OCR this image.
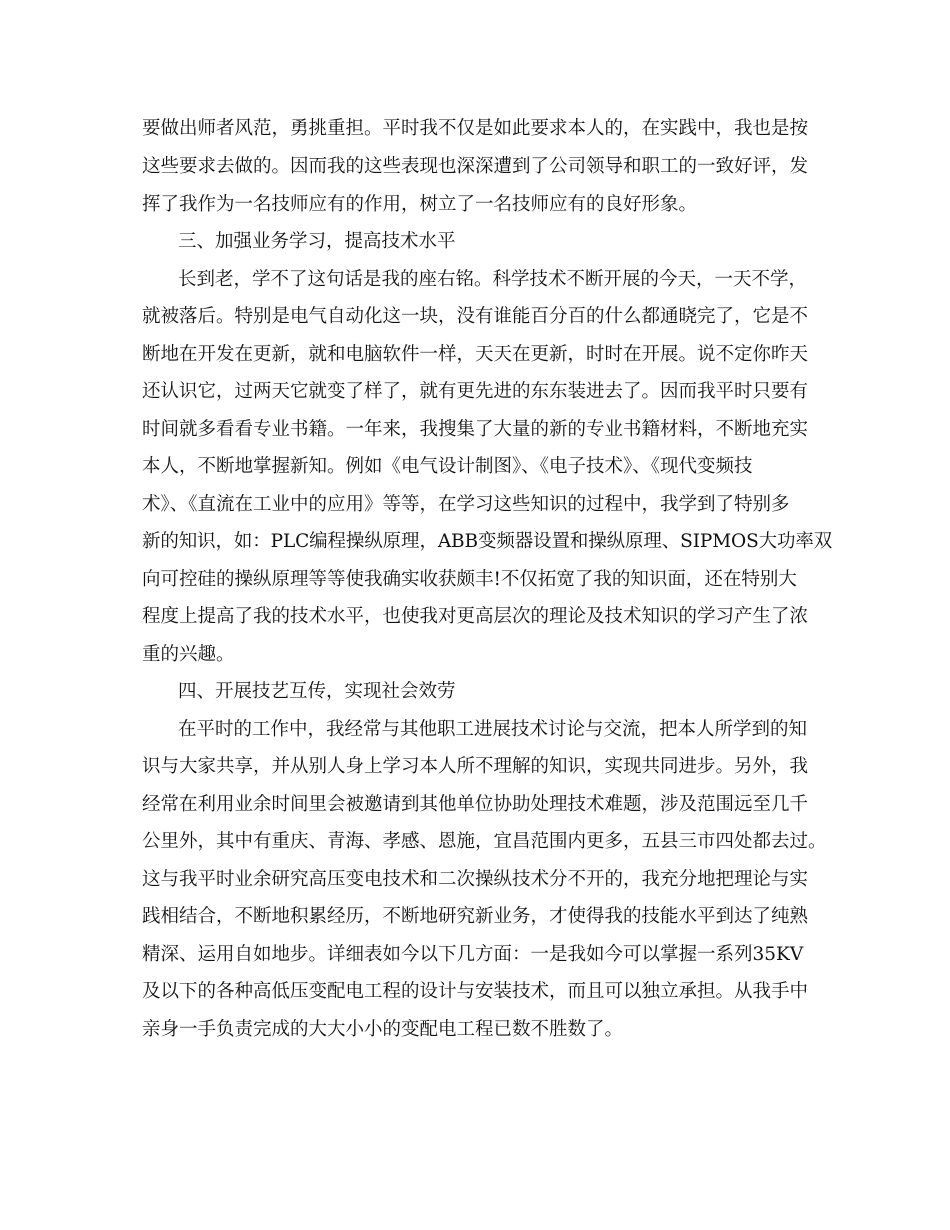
要做出师者风范，勇挑重担。平时我不仅是如此要求本人的，在实践中，我也是按
这些要求去做的。因而我的这些表现也深深遭到了公司领导和职工的一致好评，发
挥了我作为一名技师应有的作用，树立了一名技师应有的良好形象。
三、加强业务学习，提高技术水平
长到老，学不了这句话是我的座右铭。科学技术不断开展的今天，一天不学，
就被落后。特别是电气自动化这一块，没有谁能百分百的什么都通晓完了，它是不
断地在开发在更新，就和电脑软件一样，天天在更新，时时在开展。说不定你昨天
还认识它，过两天它就变了样了，就有更先进的东东装进去了。因而我平时只要有
时间就多看看专业书籍。一年来，我搜集了大量的新的专业书籍材料，不断地充实
本人，不断地掌握新知。例如《电气设计制图》、《电子技术》、《现代变频技
术》、《直流在工业中的应用》等等，在学习这些知识的过程中，我学到了特别多
新的知识，如：PLC编程操纵原理，ABB变频器设置和操纵原理、SIPMOS大功率双
向可控硅的操纵原理等等使我确实收获颇丰!不仅拓宽了我的知识面，还在特别大
程度上提高了我的技术水平，也使我对更高层次的理论及技术知识的学习产生了浓
重的兴趣。
四、开展技艺互传，实现社会效劳
在平时的工作中，我经常与其他职工进展技术讨论与交流，把本人所学到的知
识与大家共享，并从别人身上学习本人所不理解的知识，实现共同进步。另外，我
经常在利用业余时间里会被邀请到其他单位协助处理技术难题，涉及范围远至几千
公里外，其中有重庆、青海、孝感、恩施，宜昌范围内更多，五县三市四处都去过。
这与我平时业余研究高压变电技术和二次操纵技术分不开的，我充分地把理论与实
践相结合，不断地积累经历，不断地研究新业务，才使得我的技能水平到达了纯熟
精深、运用自如地步。详细表如今以下几方面：一是我如今可以掌握一系列35KV
及以下的各种高低压变配电工程的设计与安装技术，而且可以独立承担。从我手中
亲身一手负责完成的大大小小的变配电工程已数不胜数了。
